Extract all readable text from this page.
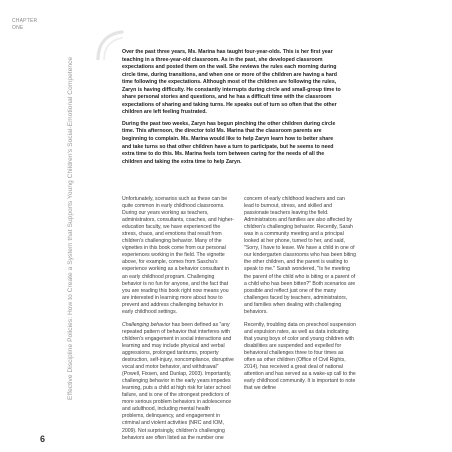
CHAPTER
ONE
Effective Discipline Policies: How to Create a System that Supports Young Children's Social-Emotional Competence
6

Over the past three years, Ms. Marina has taught four-year-olds. This is her first year teaching in a three-year-old classroom. As in the past, she developed classroom expectations and posted them on the wall. She reviews the rules each morning during circle time, during transitions, and when one or more of the children are having a hard time following the expectations. Although most of the children are following the rules, Zaryn is having difficulty. He constantly interrupts during circle and small-group time to share personal stories and questions, and he has a difficult time with the classroom expectations of sharing and taking turns. He speaks out of turn so often that the other children are left feeling frustrated.

During the past two weeks, Zaryn has begun pinching the other children during circle time. This afternoon, the director told Ms. Marina that the classroom parents are beginning to complain. Ms. Marina would like to help Zaryn learn how to better share and take turns so that other children have a turn to participate, but he seems to need extra time to do this. Ms. Marina feels torn between caring for the needs of all the children and taking the extra time to help Zaryn.

Unfortunately, scenarios such as these can be quite common in early childhood classrooms. During our years working as teachers, administrators, consultants, coaches, and higher-education faculty, we have experienced the stress, chaos, and emotions that result from children's challenging behavior. Many of the vignettes in this book come from our personal experiences working in the field. The vignette above, for example, comes from Sascha's experience working as a behavior consultant in an early childhood program. Challenging behavior is no fun for anyone, and the fact that you are reading this book right now means you are interested in learning more about how to prevent and address challenging behavior in early childhood settings.

Challenging behavior has been defined as "any repeated pattern of behavior that interferes with children's engagement in social interactions and learning and may include physical and verbal aggressions, prolonged tantrums, property destruction, self-injury, noncompliance, disruptive vocal and motor behavior, and withdrawal" (Powell, Fixsen, and Dunlap, 2003). Importantly, challenging behavior in the early years impedes learning, puts a child at high risk for later school failure, and is one of the strongest predictors of more serious problem behaviors in adolescence and adulthood, including mental health problems, delinquency, and engagement in criminal and violent activities (NRC and IOM, 2009). Not surprisingly, children's challenging behaviors are often listed as the number one concern of early childhood teachers and can lead to burnout, stress, and skilled and passionate teachers leaving the field. Administrators and families are also affected by children's challenging behavior. Recently, Sarah was in a community meeting and a principal looked at her phone, turned to her, and said, "Sorry, I have to leave. We have a child in one of our kindergarten classrooms who has been biting the other children, and the parent is waiting to speak to me." Sarah wondered, "Is he meeting the parent of the child who is biting or a parent of a child who has been bitten?" Both scenarios are possible and reflect just one of the many challenges faced by teachers, administrators, and families when dealing with challenging behaviors.

Recently, troubling data on preschool suspension and expulsion rates, as well as data indicating that young boys of color and young children with disabilities are suspended and expelled for behavioral challenges three to four times as often as other children (Office of Civil Rights, 2014), has received a great deal of national attention and has served as a wake-up call to the early childhood community. It is important to note that we define
